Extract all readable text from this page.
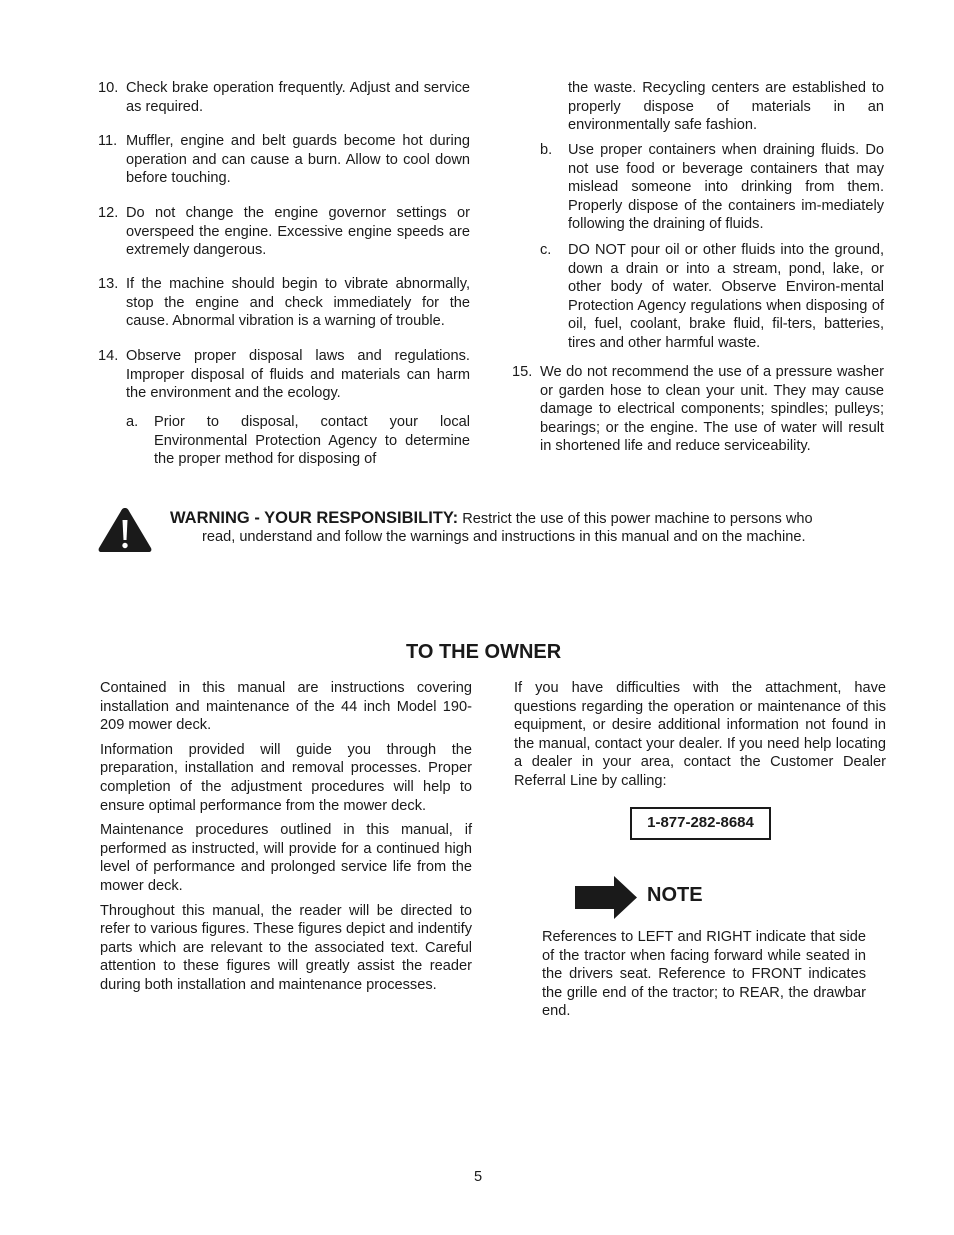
10. Check brake operation frequently. Adjust and service as required.
11. Muffler, engine and belt guards become hot during operation and can cause a burn. Allow to cool down before touching.
12. Do not change the engine governor settings or overspeed the engine. Excessive engine speeds are extremely dangerous.
13. If the machine should begin to vibrate abnormally, stop the engine and check immediately for the cause. Abnormal vibration is a warning of trouble.
14. Observe proper disposal laws and regulations. Improper disposal of fluids and materials can harm the environment and the ecology.
a. Prior to disposal, contact your local Environmental Protection Agency to determine the proper method for disposing of
the waste. Recycling centers are established to properly dispose of materials in an environmentally safe fashion.
b. Use proper containers when draining fluids. Do not use food or beverage containers that may mislead someone into drinking from them. Properly dispose of the containers im-mediately following the draining of fluids.
c. DO NOT pour oil or other fluids into the ground, down a drain or into a stream, pond, lake, or other body of water. Observe Environ-mental Protection Agency regulations when disposing of oil, fuel, coolant, brake fluid, fil-ters, batteries, tires and other harmful waste.
15. We do not recommend the use of a pressure washer or garden hose to clean your unit. They may cause damage to electrical components; spindles; pulleys; bearings; or the engine. The use of water will result in shortened life and reduce serviceability.
WARNING - YOUR RESPONSIBILITY: Restrict the use of this power machine to persons who
read, understand and follow the warnings and instructions in this manual and on the machine.
TO THE OWNER

Contained in this manual are instructions covering installation and maintenance of the 44 inch Model 190-209 mower deck.

Information provided will guide you through the preparation, installation and removal processes. Proper completion of the adjustment procedures will help to ensure optimal performance from the mower deck.

Maintenance procedures outlined in this manual, if performed as instructed, will provide for a continued high level of performance and prolonged service life from the mower deck.

Throughout this manual, the reader will be directed to refer to various figures. These figures depict and indentify parts which are relevant to the associated text. Careful attention to these figures will greatly assist the reader during both installation and maintenance processes.

If you have difficulties with the attachment, have questions regarding the operation or maintenance of this equipment, or desire additional information not found in the manual, contact your dealer. If you need help locating a dealer in your area, contact the Customer Dealer Referral Line by calling:
1-877-282-8684
NOTE
References to LEFT and RIGHT indicate that side of the tractor when facing forward while seated in the drivers seat. Reference to FRONT indicates the grille end of the tractor; to REAR, the drawbar end.
5
